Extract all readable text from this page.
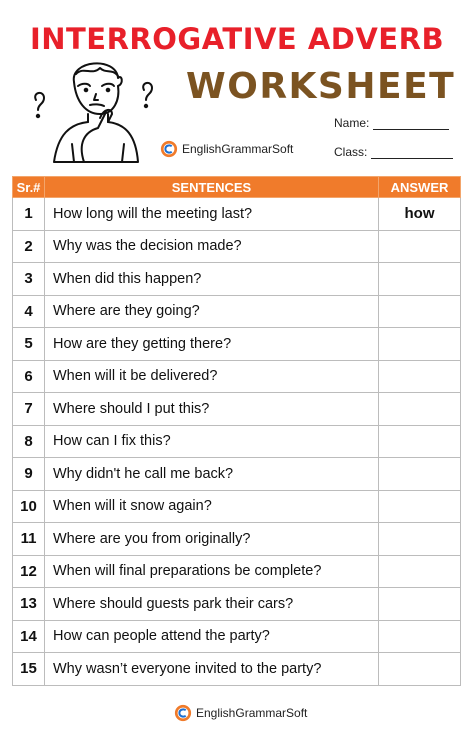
INTERROGATIVE ADVERB
WORKSHEET
EnglishGrammarSoft
Name:
Class:
Sr.#	SENTENCES	ANSWER
1	How long will the meeting last?	how
2	Why was the decision made?	
3	When did this happen?	
4	Where are they going?	
5	How are they getting there?	
6	When will it be delivered?	
7	Where should I put this?	
8	How can I fix this?	
9	Why didn't he call me back?	
10	When will it snow again?	
11	Where are you from originally?	
12	When will final preparations be complete?	
13	Where should guests park their cars?	
14	How can people attend the party?	
15	Why wasn’t everyone invited to the party?	
EnglishGrammarSoft
